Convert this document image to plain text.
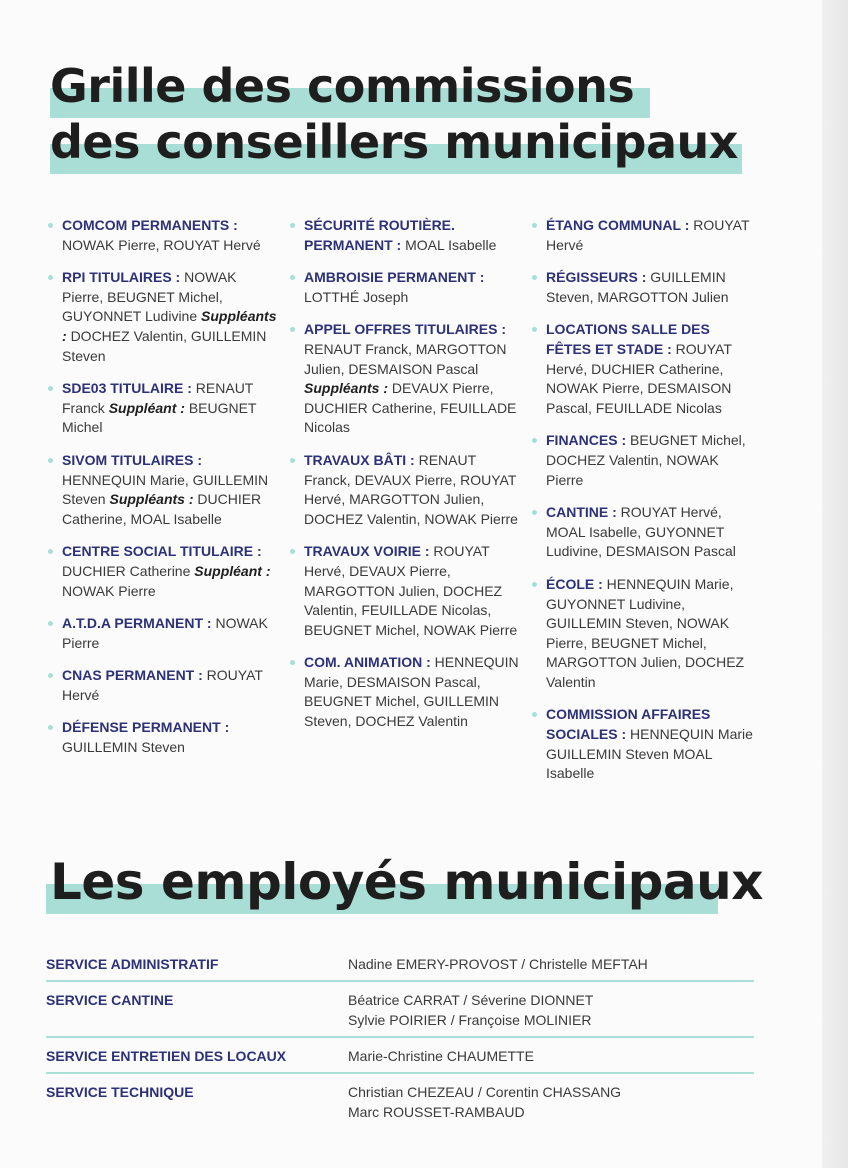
Grille des commissions
des conseillers municipaux

COMCOM PERMANENTS : NOWAK Pierre, ROUYAT Hervé

RPI TITULAIRES : NOWAK Pierre, BEUGNET Michel, GUYONNET Ludivine Suppléants : DOCHEZ Valentin, GUILLEMIN Steven

SDE03 TITULAIRE : RENAUT Franck Suppléant : BEUGNET Michel

SIVOM TITULAIRES : HENNEQUIN Marie, GUILLEMIN Steven Suppléants : DUCHIER Catherine, MOAL Isabelle

CENTRE SOCIAL TITULAIRE : DUCHIER Catherine Suppléant : NOWAK Pierre

A.T.D.A PERMANENT : NOWAK Pierre

CNAS PERMANENT : ROUYAT Hervé

DÉFENSE PERMANENT : GUILLEMIN Steven

SÉCURITÉ ROUTIÈRE. PERMANENT : MOAL Isabelle

AMBROISIE PERMANENT : LOTTHÉ Joseph

APPEL OFFRES TITULAIRES : RENAUT Franck, MARGOTTON Julien, DESMAISON Pascal Suppléants : DEVAUX Pierre, DUCHIER Catherine, FEUILLADE Nicolas

TRAVAUX BÂTI : RENAUT Franck, DEVAUX Pierre, ROUYAT Hervé, MARGOTTON Julien, DOCHEZ Valentin, NOWAK Pierre

TRAVAUX VOIRIE : ROUYAT Hervé, DEVAUX Pierre, MARGOTTON Julien, DOCHEZ Valentin, FEUILLADE Nicolas, BEUGNET Michel, NOWAK Pierre

COM. ANIMATION : HENNEQUIN Marie, DESMAISON Pascal, BEUGNET Michel, GUILLEMIN Steven, DOCHEZ Valentin

ÉTANG COMMUNAL : ROUYAT Hervé

RÉGISSEURS : GUILLEMIN Steven, MARGOTTON Julien

LOCATIONS SALLE DES FÊTES ET STADE : ROUYAT Hervé, DUCHIER Catherine, NOWAK Pierre, DESMAISON Pascal, FEUILLADE Nicolas

FINANCES : BEUGNET Michel, DOCHEZ Valentin, NOWAK Pierre

CANTINE : ROUYAT Hervé, MOAL Isabelle, GUYONNET Ludivine, DESMAISON Pascal

ÉCOLE : HENNEQUIN Marie, GUYONNET Ludivine, GUILLEMIN Steven, NOWAK Pierre, BEUGNET Michel, MARGOTTON Julien, DOCHEZ Valentin

COMMISSION AFFAIRES SOCIALES : HENNEQUIN Marie GUILLEMIN Steven MOAL Isabelle

Les employés municipaux
SERVICE ADMINISTRATIF	Nadine EMERY-PROVOST / Christelle MEFTAH
SERVICE CANTINE	Béatrice CARRAT / Séverine DIONNET
Sylvie POIRIER / Françoise MOLINIER
SERVICE ENTRETIEN DES LOCAUX	Marie-Christine CHAUMETTE
SERVICE TECHNIQUE	Christian CHEZEAU / Corentin CHASSANG
Marc ROUSSET-RAMBAUD
